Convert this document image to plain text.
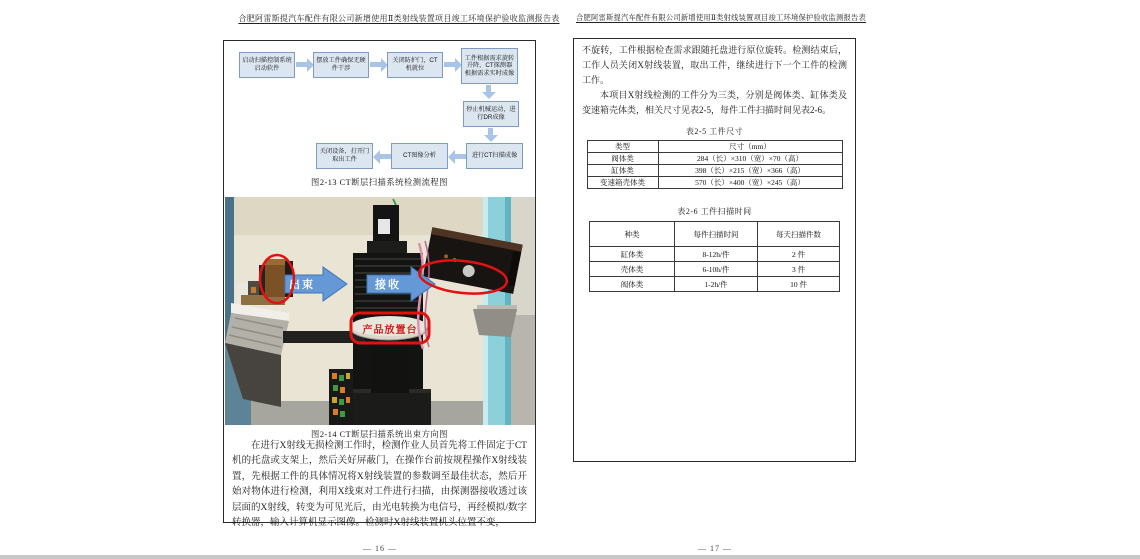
合肥阿雷斯提汽车配件有限公司新增使用Ⅱ类射线装置项目竣工环境保护验收监测报告表	合肥阿雷斯提汽车配件有限公司新增使用Ⅱ类射线装置项目竣工环境保护验收监测报告表
启动扫描控制系统启动软件
摆放工件确保无硬件干涉
关闭防护门，CT机就位
工件根据需求旋转升降，CT探测器根据需求实时成像
停止机械运动，进行DR成像
进行CT扫描成像
CT图像分析
关闭设备，打开门取出工件
图2-13 CT断层扫描系统检测流程图
出束	接收
产品放置台
图2-14 CT断层扫描系统出束方向图

在进行X射线无损检测工作时，检测作业人员首先将工件固定于CT机的托盘或支架上，然后关好屏蔽门，在操作台前按规程操作X射线装置，先根据工件的具体情况将X射线装置的参数调至最佳状态，然后开始对物体进行检测，利用X线束对工件进行扫描，由探测器接收透过该层面的X射线，转变为可见光后，由光电转换为电信号，再经模拟/数字转换器，输入计算机显示图像。检测时X射线装置机头位置不变，

不旋转，工件根据检查需求跟随托盘进行原位旋转。检测结束后，工作人员关闭X射线装置，取出工件，继续进行下一个工件的检测工作。

本项目X射线检测的工件分为三类，分别是阀体类、缸体类及变速箱壳体类，相关尺寸见表2-5，每件工件扫描时间见表2-6。

表2-5 工件尺寸
类型	尺寸（mm）
阀体类	284（长）×310（宽）×70（高）
缸体类	398（长）×215（宽）×366（高）
变速箱壳体类	570（长）×400（宽）×245（高）
表2-6 工件扫描时间
种类	每件扫描时间	每天扫描件数
缸体类	8-12h/件	2 件
壳体类	6-10h/件	3 件
阀体类	1-2h/件	10 件
— 16 —	— 17 —
